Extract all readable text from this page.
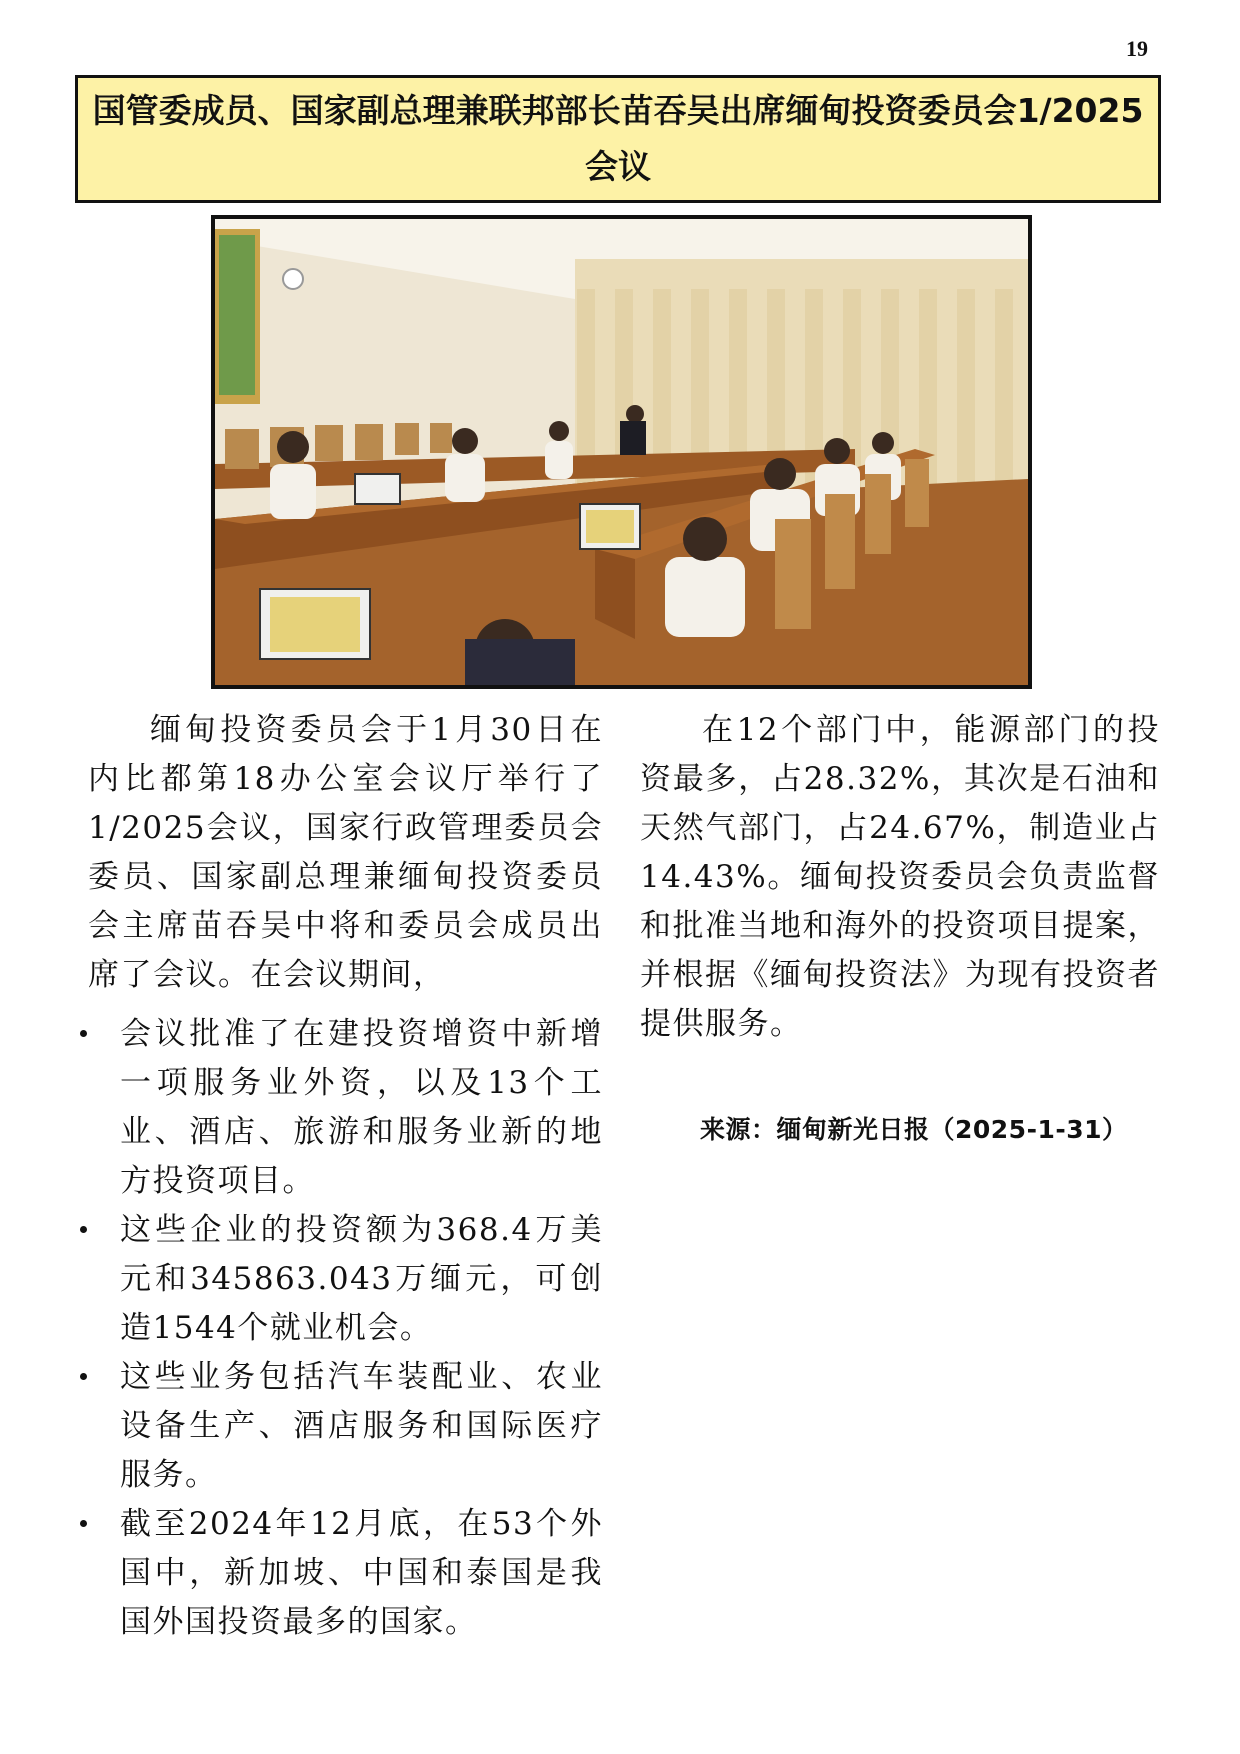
19
国管委成员、国家副总理兼联邦部长苗吞吴出席缅甸投资委员会1/2025会议

缅甸投资委员会于1月30日在内比都第18办公室会议厅举行了1/2025会议，国家行政管理委员会委员、国家副总理兼缅甸投资委员会主席苗吞吴中将和委员会成员出席了会议。在会议期间，

会议批准了在建投资增资中新增一项服务业外资，以及13个工业、酒店、旅游和服务业新的地方投资项目。
这些企业的投资额为368.4万美元和345863.043万缅元，可创造1544个就业机会。
这些业务包括汽车装配业、农业设备生产、酒店服务和国际医疗服务。
截至2024年12月底，在53个外国中，新加坡、中国和泰国是我国外国投资最多的国家。

在12个部门中，能源部门的投资最多，占28.32%，其次是石油和天然气部门，占24.67%，制造业占14.43%。缅甸投资委员会负责监督和批准当地和海外的投资项目提案，并根据《缅甸投资法》为现有投资者提供服务。

来源：缅甸新光日报（2025-1-31）
